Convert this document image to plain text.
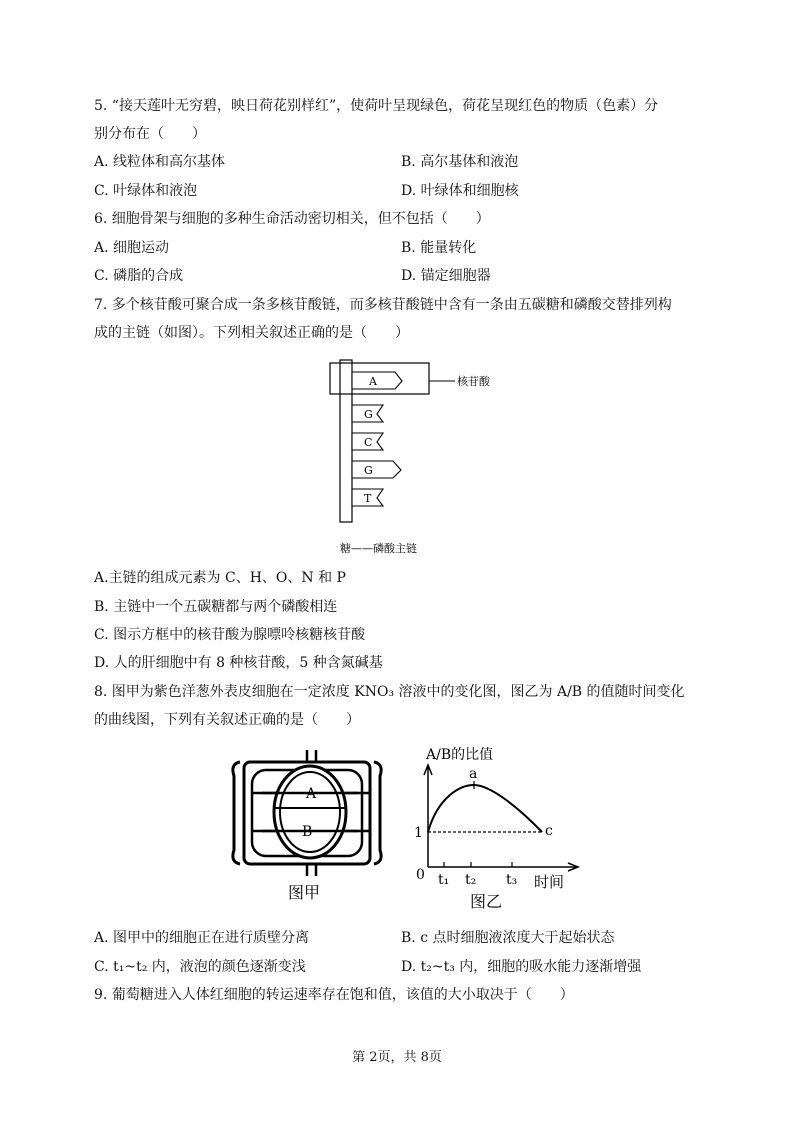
5. “接天莲叶无穷碧，映日荷花别样红”，使荷叶呈现绿色，荷花呈现红色的物质（色素）分
别分布在（　　）
A. 线粒体和高尔基体	B. 高尔基体和液泡
C. 叶绿体和液泡	D. 叶绿体和细胞核
6. 细胞骨架与细胞的多种生命活动密切相关，但不包括（　　）
A. 细胞运动	B. 能量转化
C. 磷脂的合成	D. 锚定细胞器
7. 多个核苷酸可聚合成一条多核苷酸链，而多核苷酸链中含有一条由五碳糖和磷酸交替排列构
成的主链（如图）。下列相关叙述正确的是（　　）
A	核苷酸
G
C
G
T
糖——磷酸主链
A.主链的组成元素为 C、H、O、N 和 P
B. 主链中一个五碳糖都与两个磷酸相连
C. 图示方框中的核苷酸为腺嘌呤核糖核苷酸
D. 人的肝细胞中有 8 种核苷酸，5 种含氮碱基
8. 图甲为紫色洋葱外表皮细胞在一定浓度 KNO₃ 溶液中的变化图，图乙为 A/B 的值随时间变化
的曲线图，下列有关叙述正确的是（　　）
A
B
图甲
A/B的比值
a
c
1
0 t₁ t₂ t₃ 时间
图乙
A. 图甲中的细胞正在进行质壁分离	B. c 点时细胞液浓度大于起始状态
C. t₁~t₂ 内，液泡的颜色逐渐变浅	D. t₂~t₃ 内，细胞的吸水能力逐渐增强
9. 葡萄糖进入人体红细胞的转运速率存在饱和值，该值的大小取决于（　　）
第 2页，共 8页
